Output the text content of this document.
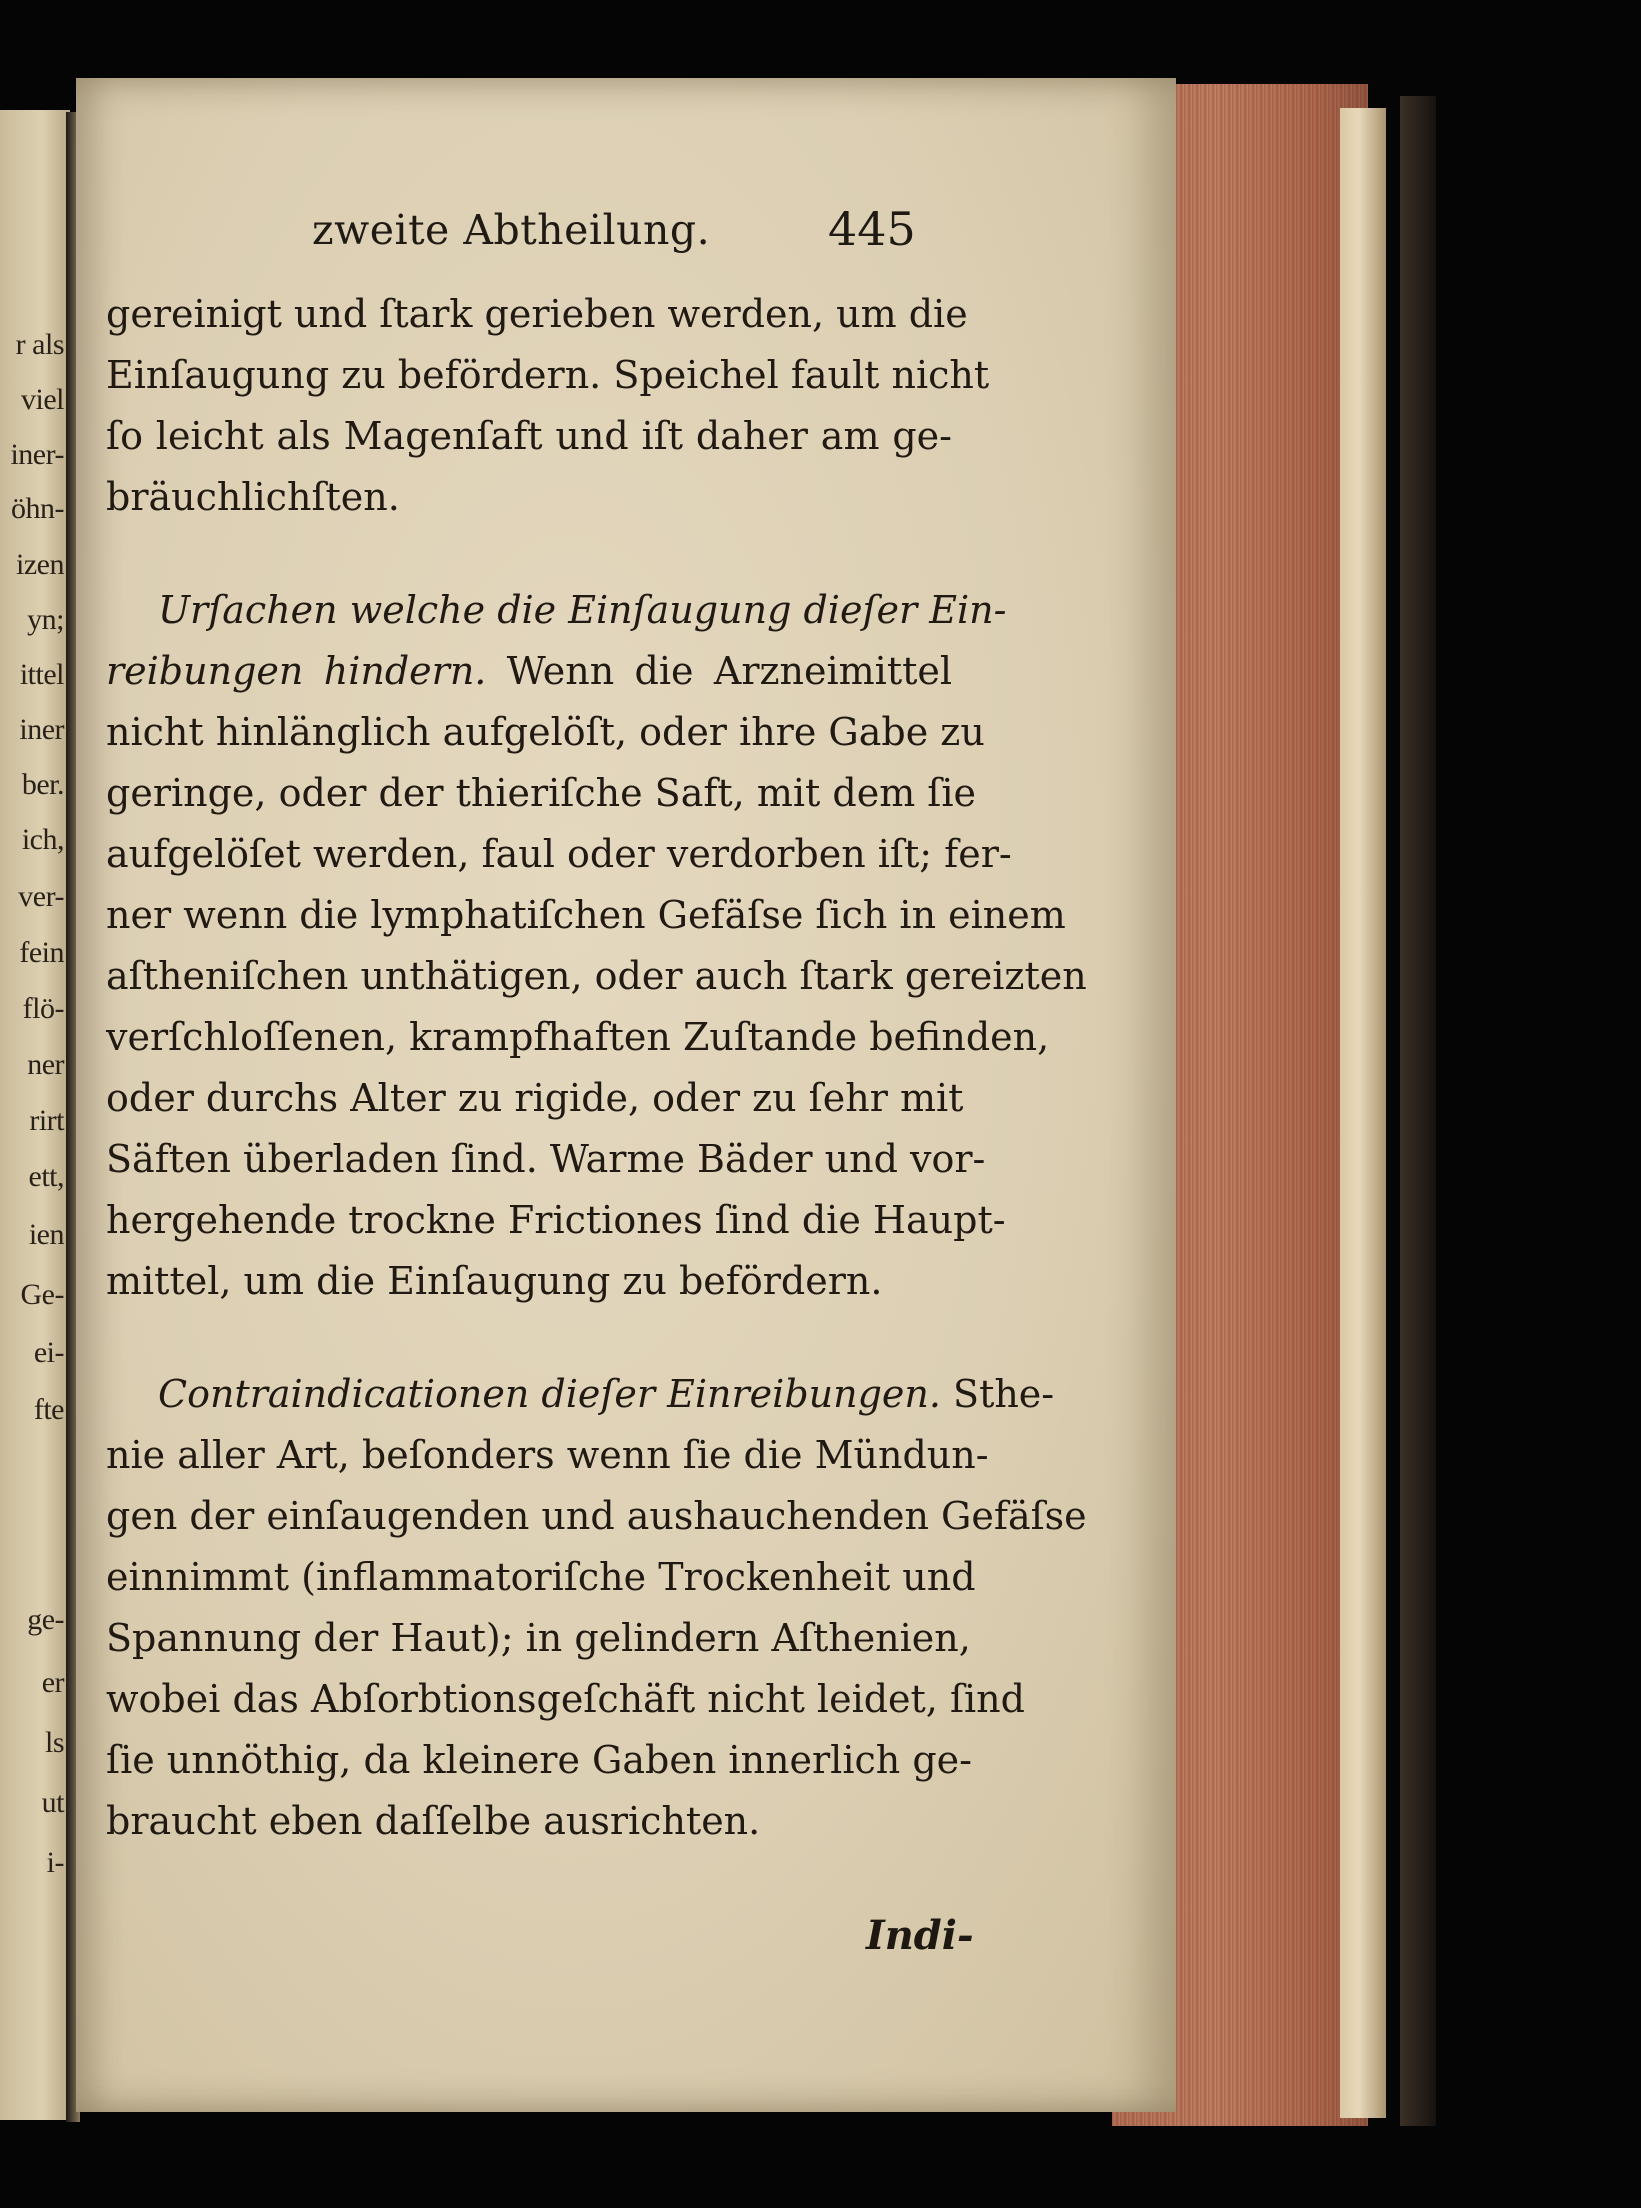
r als
viel
iner-
öhn-
izen
yn;
ittel
iner
ber.
ich,
ver-
fein
flö-
ner
rirt
ett,
ien
Ge-
ei-
fte
ge-
er
ls
ut
i-
zweite Abtheilung.	445
gereinigt und ſtark gerieben werden, um die
Einſaugung zu befördern. Speichel fault nicht
ſo leicht als Magenſaft und iſt daher am ge-
bräuchlichſten.
Urſachen welche die Einſaugung dieſer Ein-
reibungen hindern. Wenn die Arzneimittel
nicht hinlänglich aufgelöſt, oder ihre Gabe zu
geringe, oder der thieriſche Saft, mit dem ſie
aufgelöſet werden, faul oder verdorben iſt; fer-
ner wenn die lymphatiſchen Gefäſse ſich in einem
aſtheniſchen unthätigen, oder auch ſtark gereizten
verſchloſſenen, krampfhaften Zuſtande befinden,
oder durchs Alter zu rigide, oder zu ſehr mit
Säften überladen ſind. Warme Bäder und vor-
hergehende trockne Frictiones ſind die Haupt-
mittel, um die Einſaugung zu befördern.
Contraindicationen dieſer Einreibungen. Sthe-
nie aller Art, beſonders wenn ſie die Mündun-
gen der einſaugenden und aushauchenden Gefäſse
einnimmt (inflammatoriſche Trockenheit und
Spannung der Haut); in gelindern Aſthenien,
wobei das Abſorbtionsgeſchäft nicht leidet, ſind
ſie unnöthig, da kleinere Gaben innerlich ge-
braucht eben daſſelbe ausrichten.
Indi-
